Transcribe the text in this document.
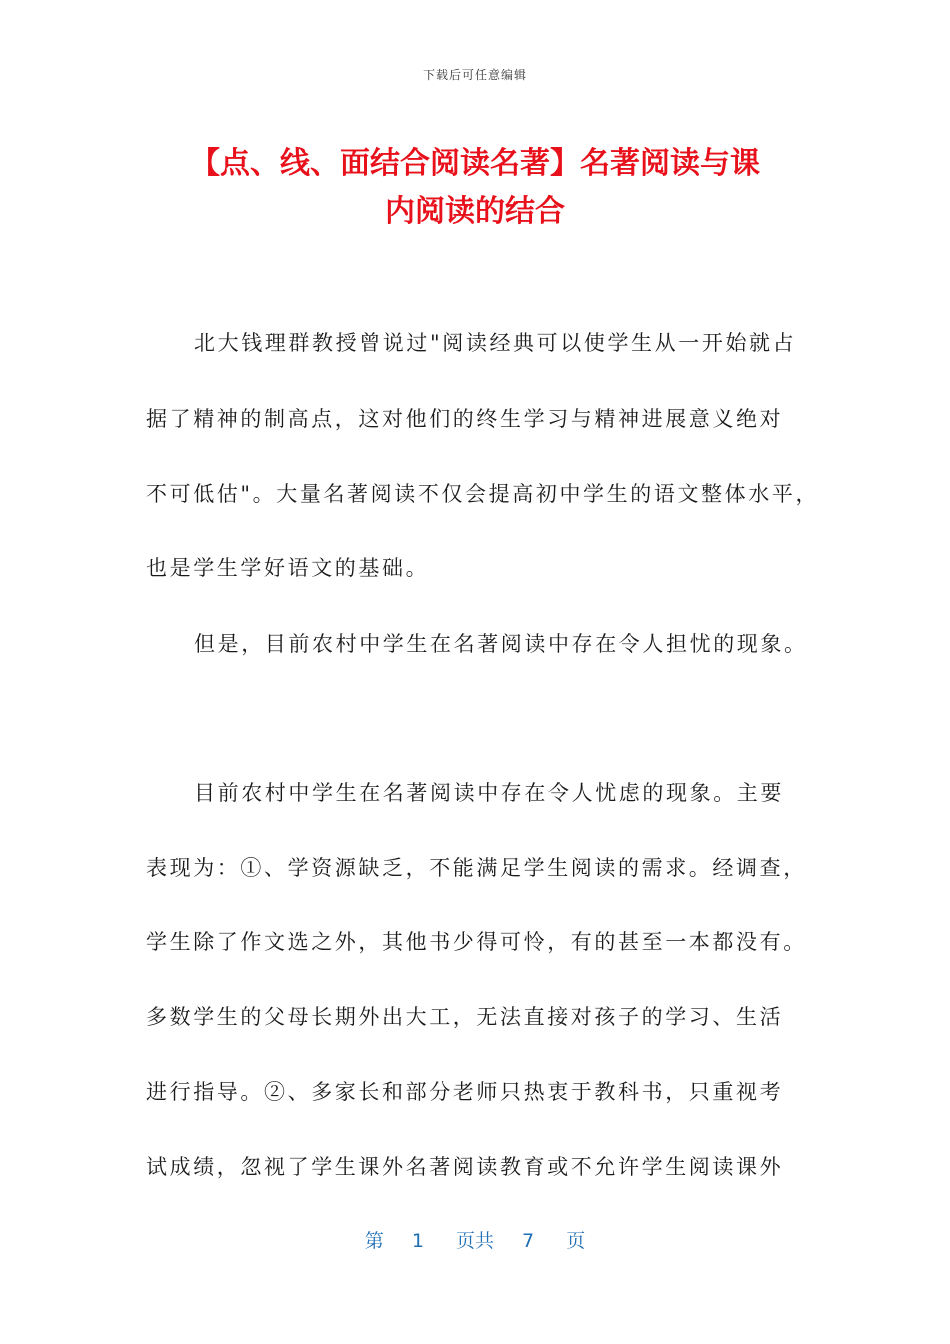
下载后可任意编辑
【点、线、面结合阅读名著】名著阅读与课
内阅读的结合
北大钱理群教授曾说过"阅读经典可以使学生从一开始就占
据了精神的制高点，这对他们的终生学习与精神进展意义绝对
不可低估"。大量名著阅读不仅会提高初中学生的语文整体水平，
也是学生学好语文的基础。
但是，目前农村中学生在名著阅读中存在令人担忧的现象。
目前农村中学生在名著阅读中存在令人忧虑的现象。主要
表现为：①、学资源缺乏，不能满足学生阅读的需求。经调查，
学生除了作文选之外，其他书少得可怜，有的甚至一本都没有。
多数学生的父母长期外出大工，无法直接对孩子的学习、生活
进行指导。②、多家长和部分老师只热衷于教科书，只重视考
试成绩，忽视了学生课外名著阅读教育或不允许学生阅读课外
第 1 页共 7 页
